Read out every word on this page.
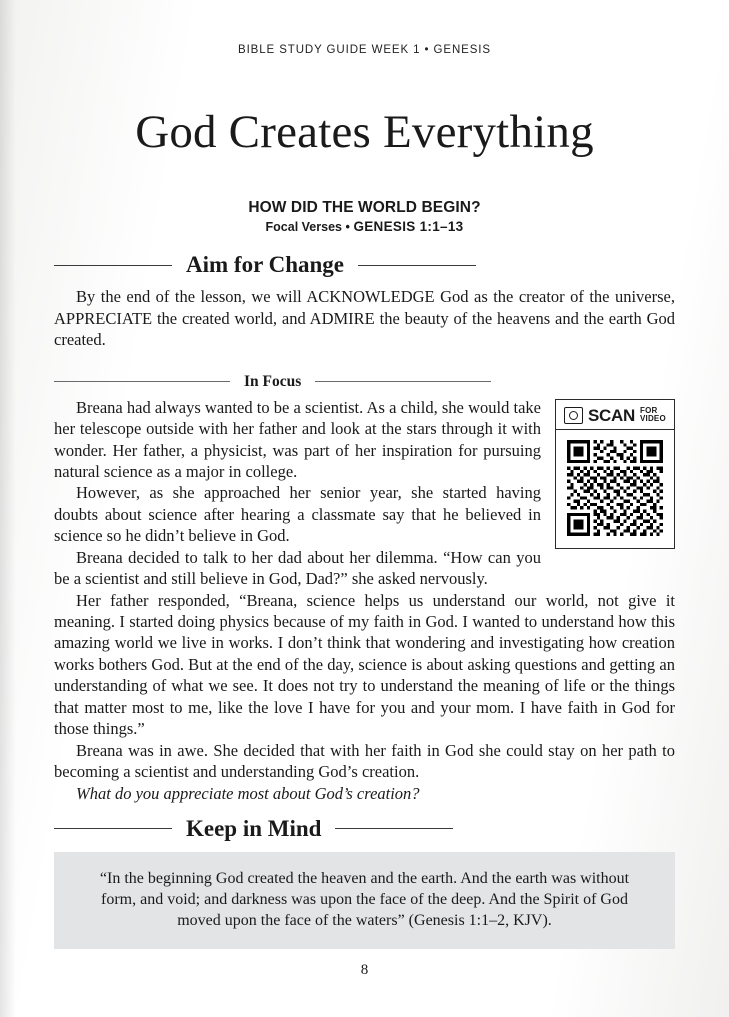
BIBLE STUDY GUIDE WEEK 1 • GENESIS
God Creates Everything
HOW DID THE WORLD BEGIN?
Focal Verses • GENESIS 1:1–13
Aim for Change

By the end of the lesson, we will ACKNOWLEDGE God as the creator of the universe, APPRECIATE the created world, and ADMIRE the beauty of the heavens and the earth God created.

In Focus
SCAN FOR
VIDEO

Breana had always wanted to be a scientist. As a child, she would take her telescope outside with her father and look at the stars through it with wonder. Her father, a physicist, was part of her inspiration for pursuing natural science as a major in college.

However, as she approached her senior year, she started having doubts about science after hearing a classmate say that he believed in science so he didn’t believe in God.

Breana decided to talk to her dad about her dilemma. “How can you be a scientist and still believe in God, Dad?” she asked nervously.

Her father responded, “Breana, science helps us understand our world, not give it meaning. I started doing physics because of my faith in God. I wanted to understand how this amazing world we live in works. I don’t think that wondering and investigating how creation works bothers God. But at the end of the day, science is about asking questions and getting an understanding of what we see. It does not try to understand the meaning of life or the things that matter most to me, like the love I have for you and your mom. I have faith in God for those things.”

Breana was in awe. She decided that with her faith in God she could stay on her path to becoming a scientist and understanding God’s creation.

What do you appreciate most about God’s creation?

Keep in Mind

“In the beginning God created the heaven and the earth. And the earth was without form, and void; and darkness was upon the face of the deep. And the Spirit of God moved upon the face of the waters” (Genesis 1:1–2, KJV).

8
